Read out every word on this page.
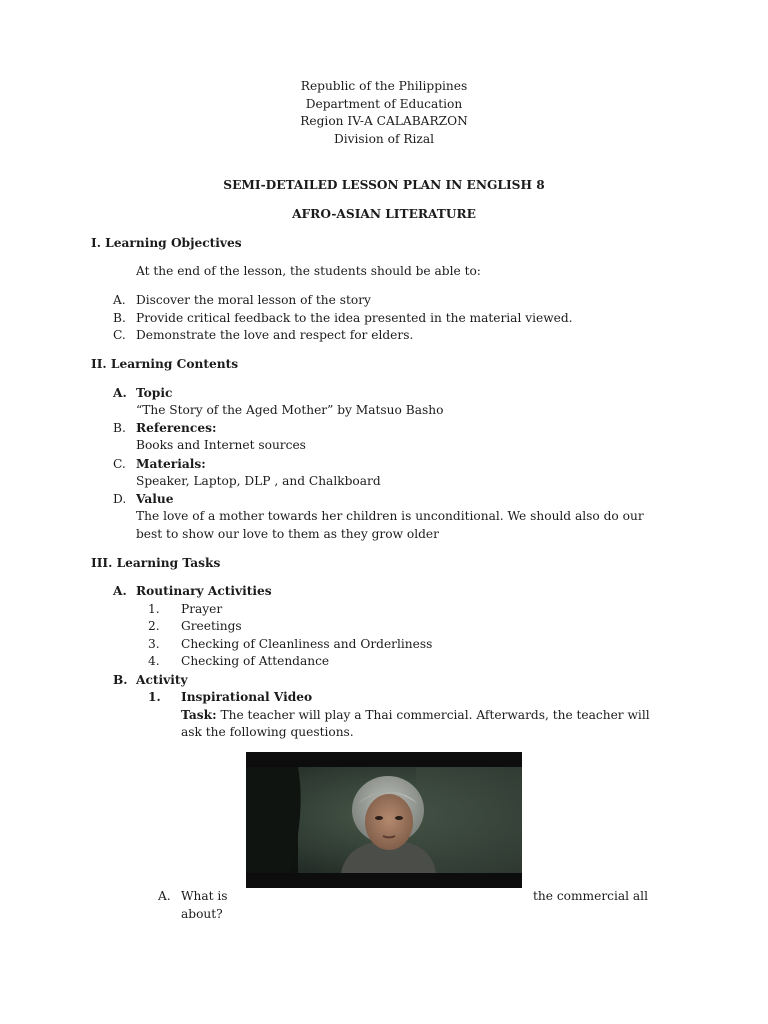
Republic of the Philippines
Department of Education
Region IV-A CALABARZON
Division of Rizal
SEMI-DETAILED LESSON PLAN IN ENGLISH 8
AFRO-ASIAN LITERATURE
I. Learning Objectives
At the end of the lesson, the students should be able to:
A. Discover the moral lesson of the story
B. Provide critical feedback to the idea presented in the material viewed.
C. Demonstrate the love and respect for elders.
II. Learning Contents
A. Topic
“The Story of the Aged Mother” by Matsuo Basho
B. References:
Books and Internet sources
C. Materials:
Speaker, Laptop, DLP , and Chalkboard
D. Value
The love of a mother towards her children is unconditional. We should also do our
best to show our love to them as they grow older
III. Learning Tasks
A. Routinary Activities
1. Prayer
2. Greetings
3. Checking of Cleanliness and Orderliness
4. Checking of Attendance
B. Activity
1. Inspirational Video
Task: The teacher will play a Thai commercial. Afterwards, the teacher will
ask the following questions.
A. What is	the commercial all
about?
